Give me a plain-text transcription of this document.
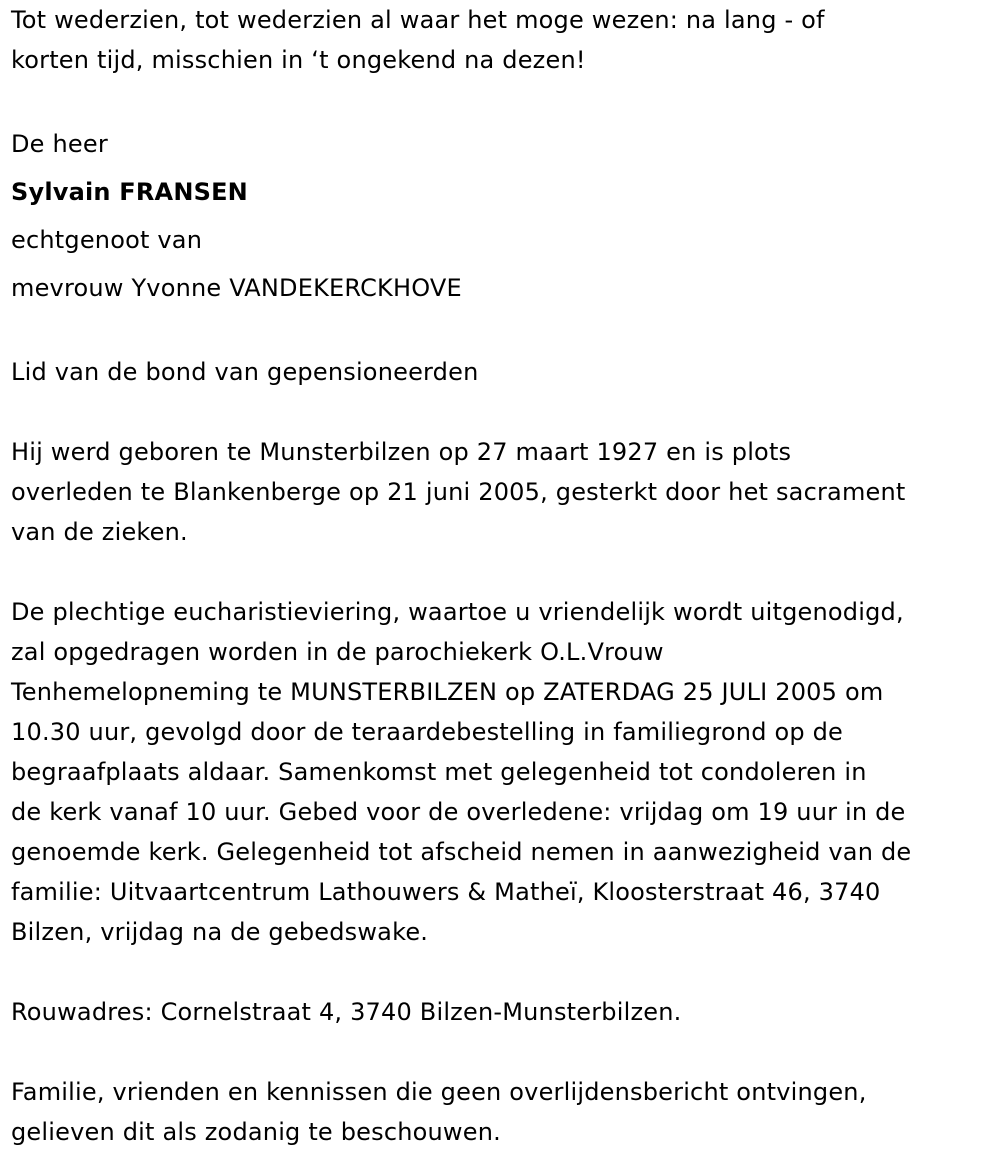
Tot wederzien, tot wederzien al waar het moge wezen: na lang - of
korten tijd, misschien in ‘t ongekend na dezen!
De heer
Sylvain FRANSEN
echtgenoot van
mevrouw Yvonne VANDEKERCKHOVE
Lid van de bond van gepensioneerden
Hij werd geboren te Munsterbilzen op 27 maart 1927 en is plots
overleden te Blankenberge op 21 juni 2005, gesterkt door het sacrament
van de zieken.
De plechtige eucharistieviering, waartoe u vriendelijk wordt uitgenodigd,
zal opgedragen worden in de parochiekerk O.L.Vrouw
Tenhemelopneming te MUNSTERBILZEN op ZATERDAG 25 JULI 2005 om
10.30 uur, gevolgd door de teraardebestelling in familiegrond op de
begraafplaats aldaar. Samenkomst met gelegenheid tot condoleren in
de kerk vanaf 10 uur. Gebed voor de overledene: vrijdag om 19 uur in de
genoemde kerk. Gelegenheid tot afscheid nemen in aanwezigheid van de
familie: Uitvaartcentrum Lathouwers & Matheï, Kloosterstraat 46, 3740
Bilzen, vrijdag na de gebedswake.
Rouwadres: Cornelstraat 4, 3740 Bilzen-Munsterbilzen.
Familie, vrienden en kennissen die geen overlijdensbericht ontvingen,
gelieven dit als zodanig te beschouwen.
